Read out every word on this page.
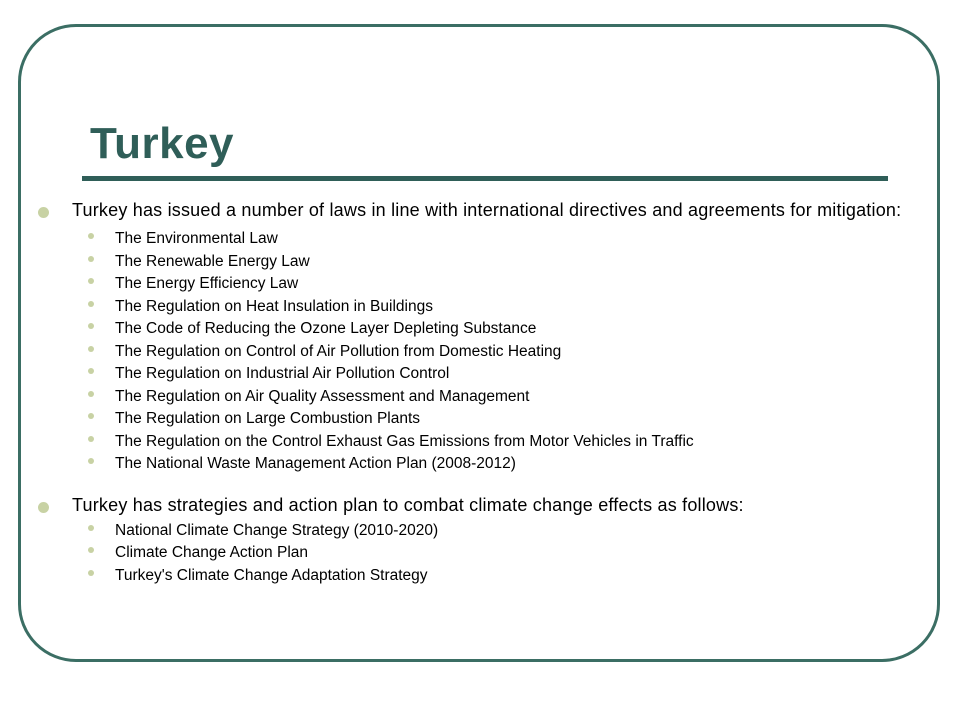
Turkey
Turkey has issued a number of laws in line with international directives and agreements for mitigation:
The Environmental Law
The Renewable Energy Law
The Energy Efficiency Law
The Regulation on Heat Insulation in Buildings
The Code of Reducing the Ozone Layer Depleting Substance
The Regulation on Control of Air Pollution from Domestic Heating
The Regulation on Industrial Air Pollution Control
The Regulation on Air Quality Assessment and Management
The Regulation on Large Combustion Plants
The Regulation on the Control Exhaust Gas Emissions from Motor Vehicles in Traffic
The National Waste Management Action Plan (2008-2012)
Turkey has strategies and action plan to combat climate change effects as follows:
National Climate Change Strategy (2010-2020)
Climate Change Action Plan
Turkey's Climate Change Adaptation Strategy
